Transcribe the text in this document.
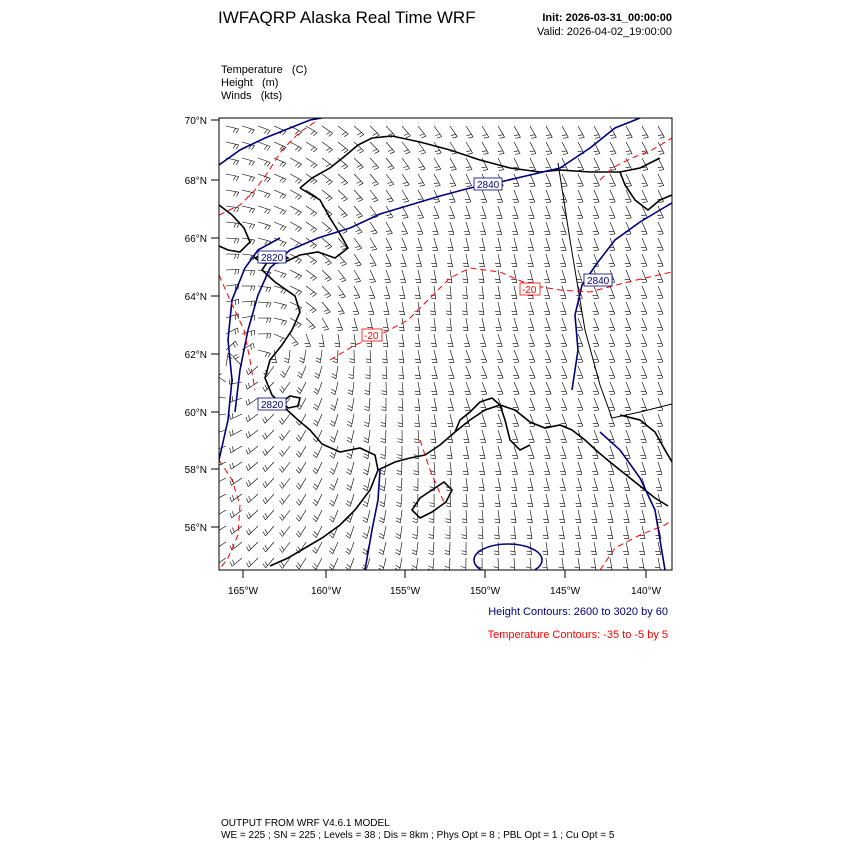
IWFAQRP Alaska Real Time WRF	Init: 2026-03-31_00:00:00
Valid: 2026-04-02_19:00:00
Temperature   (C)
Height   (m)
Winds   (kts)
2840
2820
2840
2820
-20
-20
70°N
68°N
66°N
64°N
62°N
60°N
58°N
56°N
165°W	160°W	155°W	150°W	145°W	140°W
Height Contours: 2600 to 3020 by 60
Temperature Contours: -35 to -5 by 5
OUTPUT FROM WRF V4.6.1 MODEL
WE = 225 ; SN = 225 ; Levels = 38 ; Dis = 8km ; Phys Opt = 8 ; PBL Opt = 1 ; Cu Opt = 5
